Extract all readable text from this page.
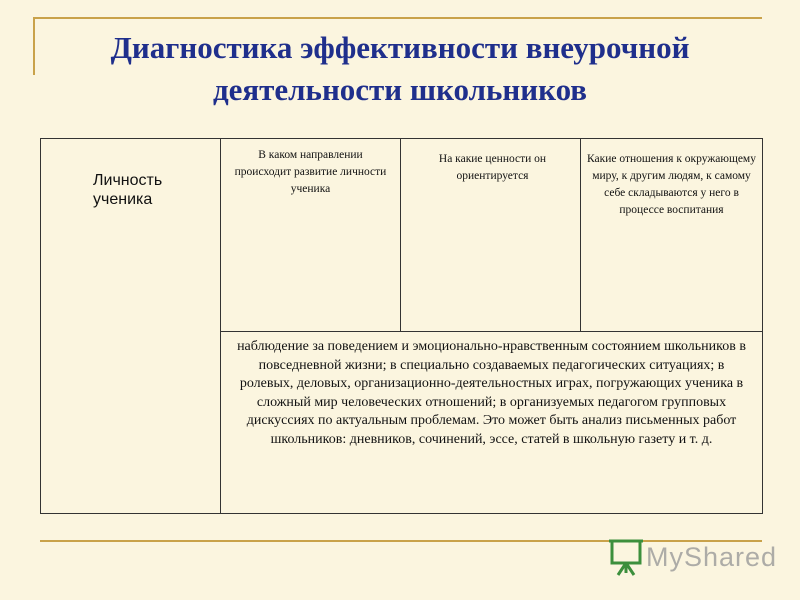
Диагностика эффективности внеурочной деятельности школьников
Личность ученика	В каком направлении происходит развитие личности ученика	На какие ценности он ориентируется	Какие отношения к окружающему миру, к другим людям, к самому себе складываются у него в процессе воспитания
наблюдение за поведением и эмоционально-нравственным состоянием школьников в повседневной жизни; в специально создаваемых педагогических ситуациях; в ролевых, деловых, организационно-деятельностных играх, погружающих ученика в сложный мир человеческих отношений; в организуемых педагогом групповых дискуссиях по актуальным проблемам. Это может быть анализ письменных работ школьников: дневников, сочинений, эссе, статей в школьную газету и т. д.
MyShared
